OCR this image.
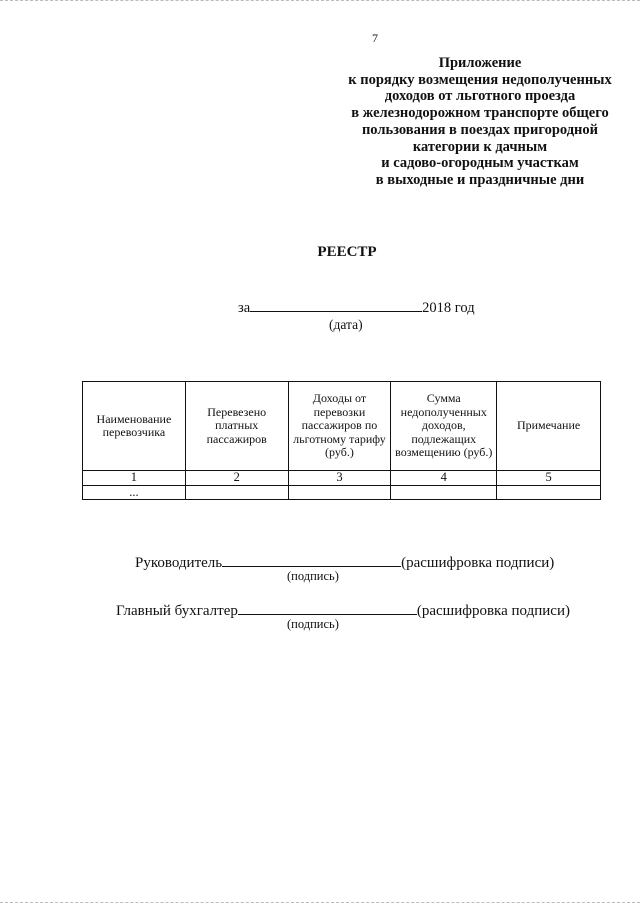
7
Приложение
к порядку возмещения недополученных
доходов от льготного проезда
в железнодорожном транспорте общего
пользования в поездах пригородной
категории к дачным
и садово-огородным участкам
в выходные и праздничные дни
РЕЕСТР
за	2018 год
(дата)
Наименование перевозчика	Перевезено платных пассажиров	Доходы от перевозки пассажиров по льготному тарифу (руб.)	Сумма недополученных доходов, подлежащих возмещению (руб.)	Примечание
1	2	3	4	5
...				
Руководитель	(расшифровка подписи)
(подпись)
Главный бухгалтер	(расшифровка подписи)
(подпись)
